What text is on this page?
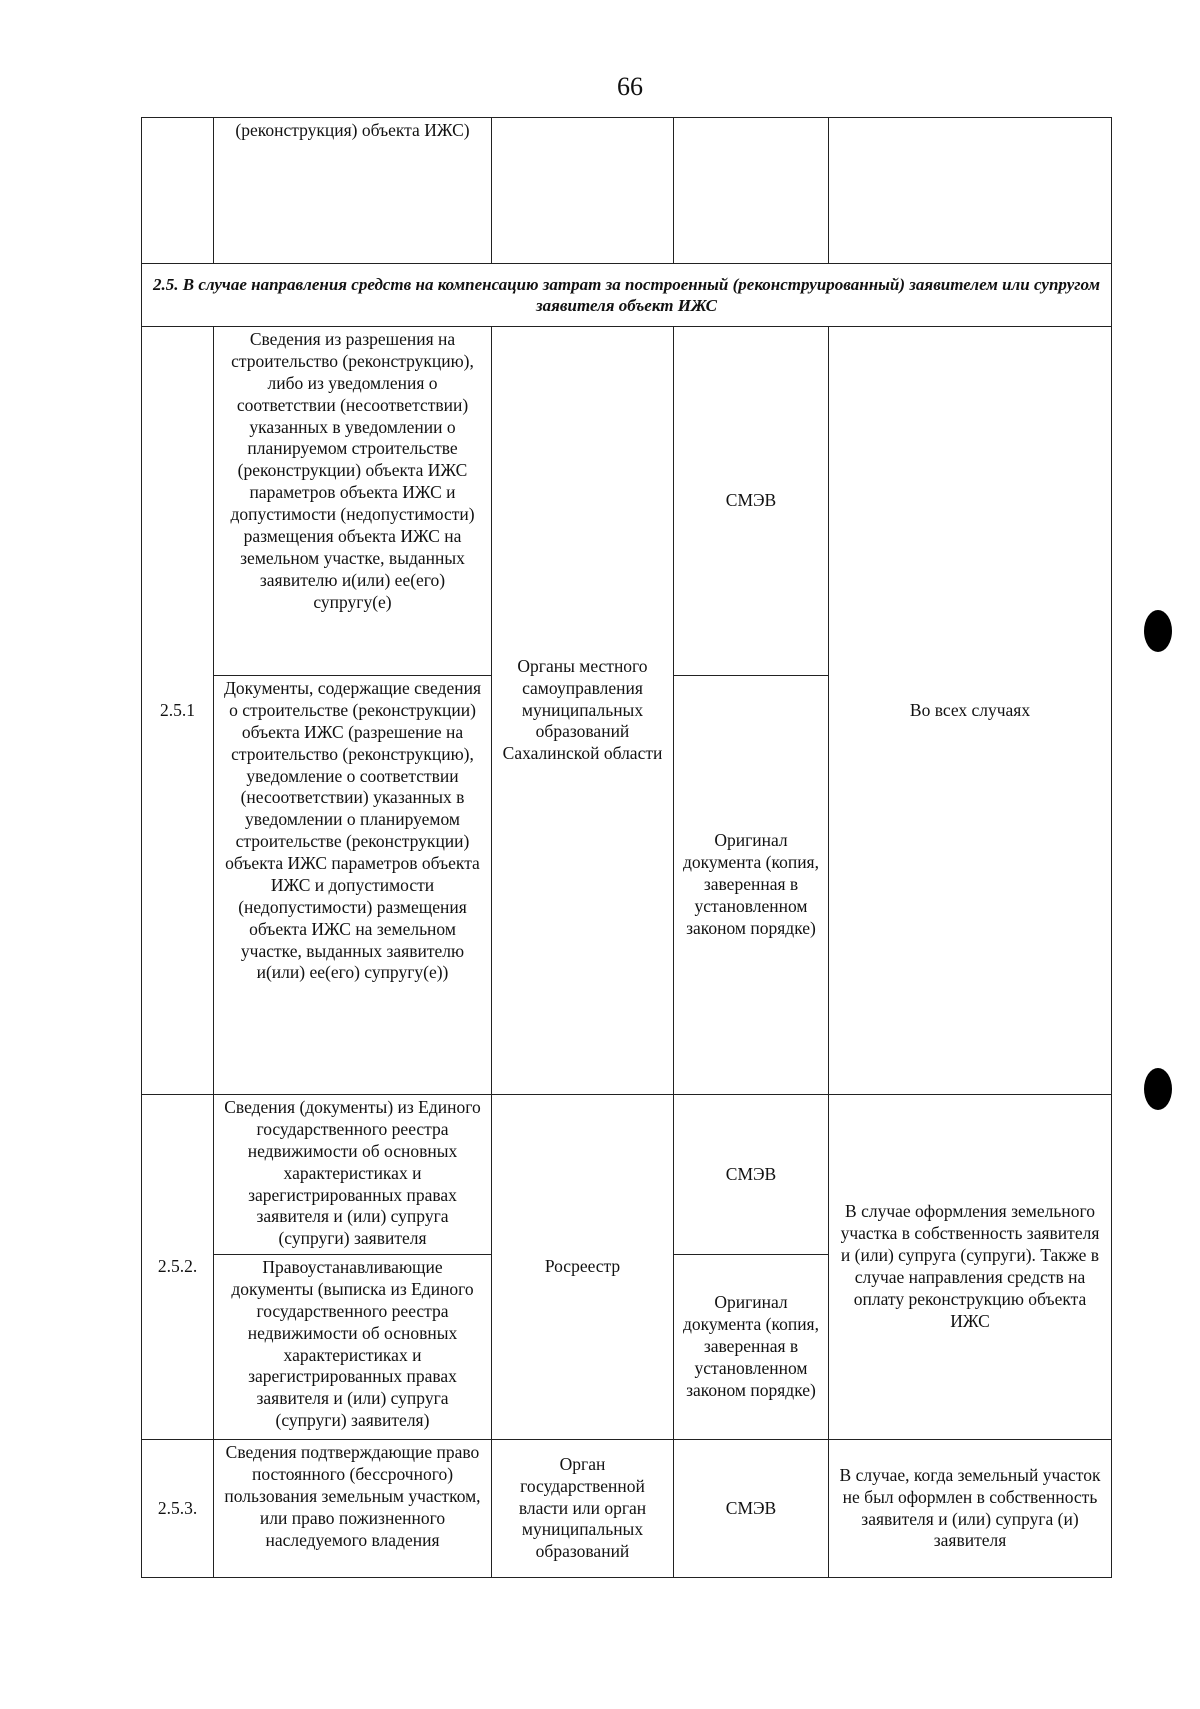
66
	(реконструкция) объекта ИЖС)			
2.5. В случае направления средств на компенсацию затрат за построенный (реконструированный) заявителем или супругом заявителя объект ИЖС				
2.5.1	Сведения из разрешения на строительство (реконструкцию), либо из уведомления о соответствии (несоответствии) указанных в уведомлении о планируемом строительстве (реконструкции) объекта ИЖС параметров объекта ИЖС и допустимости (недопустимости) размещения объекта ИЖС на земельном участке, выданных заявителю и(или) ее(его) супругу(е)	Органы местного самоуправления муниципальных образований Сахалинской области	СМЭВ	Во всех случаях
	Документы, содержащие сведения о строительстве (реконструкции) объекта ИЖС (разрешение на строительство (реконструкцию), уведомление о соответствии (несоответствии) указанных в уведомлении о планируемом строительстве (реконструкции) объекта ИЖС параметров объекта ИЖС и допустимости (недопустимости) размещения объекта ИЖС на земельном участке, выданных заявителю и(или) ее(его) супругу(е))		Оригинал документа (копия, заверенная в установленном законом порядке)	
2.5.2.	Сведения (документы) из Единого государственного реестра недвижимости об основных характеристиках и зарегистрированных правах заявителя и (или) супруга (супруги) заявителя	Росреестр	СМЭВ	В случае оформления земельного участка в собственность заявителя и (или) супруга (супруги). Также в случае направления средств на оплату реконструкцию объекта ИЖС
	Правоустанавливающие документы (выписка из Единого государственного реестра недвижимости об основных характеристиках и зарегистрированных правах заявителя и (или) супруга (супруги) заявителя)		Оригинал документа (копия, заверенная в установленном законом порядке)	
2.5.3.	Сведения подтверждающие право постоянного (бессрочного) пользования земельным участком, или право пожизненного наследуемого владения	Орган государственной власти или орган муниципальных образований	СМЭВ	В случае, когда земельный участок не был оформлен в собственность заявителя и (или) супруга (и) заявителя
